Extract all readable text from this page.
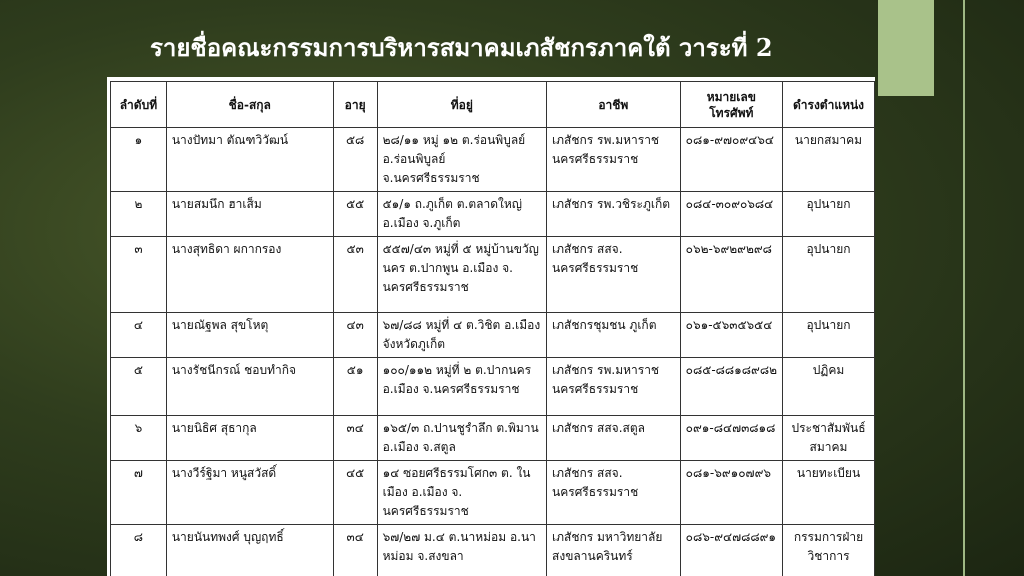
รายชื่อคณะกรรมการบริหารสมาคมเภสัชกรภาคใต้ วาระที่ 2
ลำดับที่	ชื่อ-สกุล	อายุ	ที่อยู่	อาชีพ	หมายเลขโทรศัพท์	ดำรงตำแหน่ง
๑	นางปัทมา ตัณฑวิวัฒน์	๕๘	๒๘/๑๑ หมู่ ๑๒ ต.ร่อนพิบูลย์ อ.ร่อนพิบูลย์ จ.นครศรีธรรมราช	เภสัชกร รพ.มหาราช นครศรีธรรมราช	๐๘๑-๙๗๐๙๔๖๔	นายกสมาคม
๒	นายสมนึก ฮาเส็ม	๕๕	๕๑/๑ ถ.ภูเก็ต ต.ตลาดใหญ่ อ.เมือง จ.ภูเก็ต	เภสัชกร รพ.วชิระภูเก็ต	๐๘๔-๓๐๙๐๖๘๔	อุปนายก
๓	นางสุทธิดา ผกากรอง	๕๓	๕๕๗/๔๓ หมู่ที่ ๕ หมู่บ้านขวัญนคร ต.ปากพูน อ.เมือง จ. นครศรีธรรมราช	เภสัชกร สสจ. นครศรีธรรมราช	๐๖๒-๖๙๒๙๒๙๘	อุปนายก
๔	นายณัฐพล สุขโหตุ	๔๓	๖๗/๘๘ หมู่ที่ ๔ ต.วิชิต อ.เมือง จังหวัดภูเก็ต	เภสัชกรชุมชน ภูเก็ต	๐๖๑-๕๖๓๕๖๕๔	อุปนายก
๕	นางรัชนีกรณ์ ชอบทำกิจ	๕๑	๑๐๐/๑๑๒ หมู่ที่ ๒ ต.ปากนคร อ.เมือง จ.นครศรีธรรมราช	เภสัชกร รพ.มหาราช นครศรีธรรมราช	๐๘๕-๘๘๑๘๙๘๒	ปฏิคม
๖	นายนิธิศ สุธากุล	๓๔	๑๖๕/๓ ถ.ปานชูรำลึก ต.พิมาน อ.เมือง จ.สตูล	เภสัชกร สสจ.สตูล	๐๙๑-๘๔๗๓๘๑๘	ประชาสัมพันธ์ สมาคม
๗	นางวีร์ฐิมา หนูสวัสดิ์	๔๕	๑๔ ซอยศรีธรรมโศก๓ ต. ในเมือง อ.เมือง จ. นครศรีธรรมราช	เภสัชกร สสจ. นครศรีธรรมราช	๐๘๑-๖๙๑๐๗๙๖	นายทะเบียน
๘	นายนันทพงศ์ บุญฤทธิ์	๓๔	๖๗/๒๗ ม.๔ ต.นาหม่อม อ.นาหม่อม จ.สงขลา	เภสัชกร มหาวิทยาลัย สงขลานครินทร์	๐๘๖-๙๔๗๘๘๙๑	กรรมการฝ่าย วิชาการ
